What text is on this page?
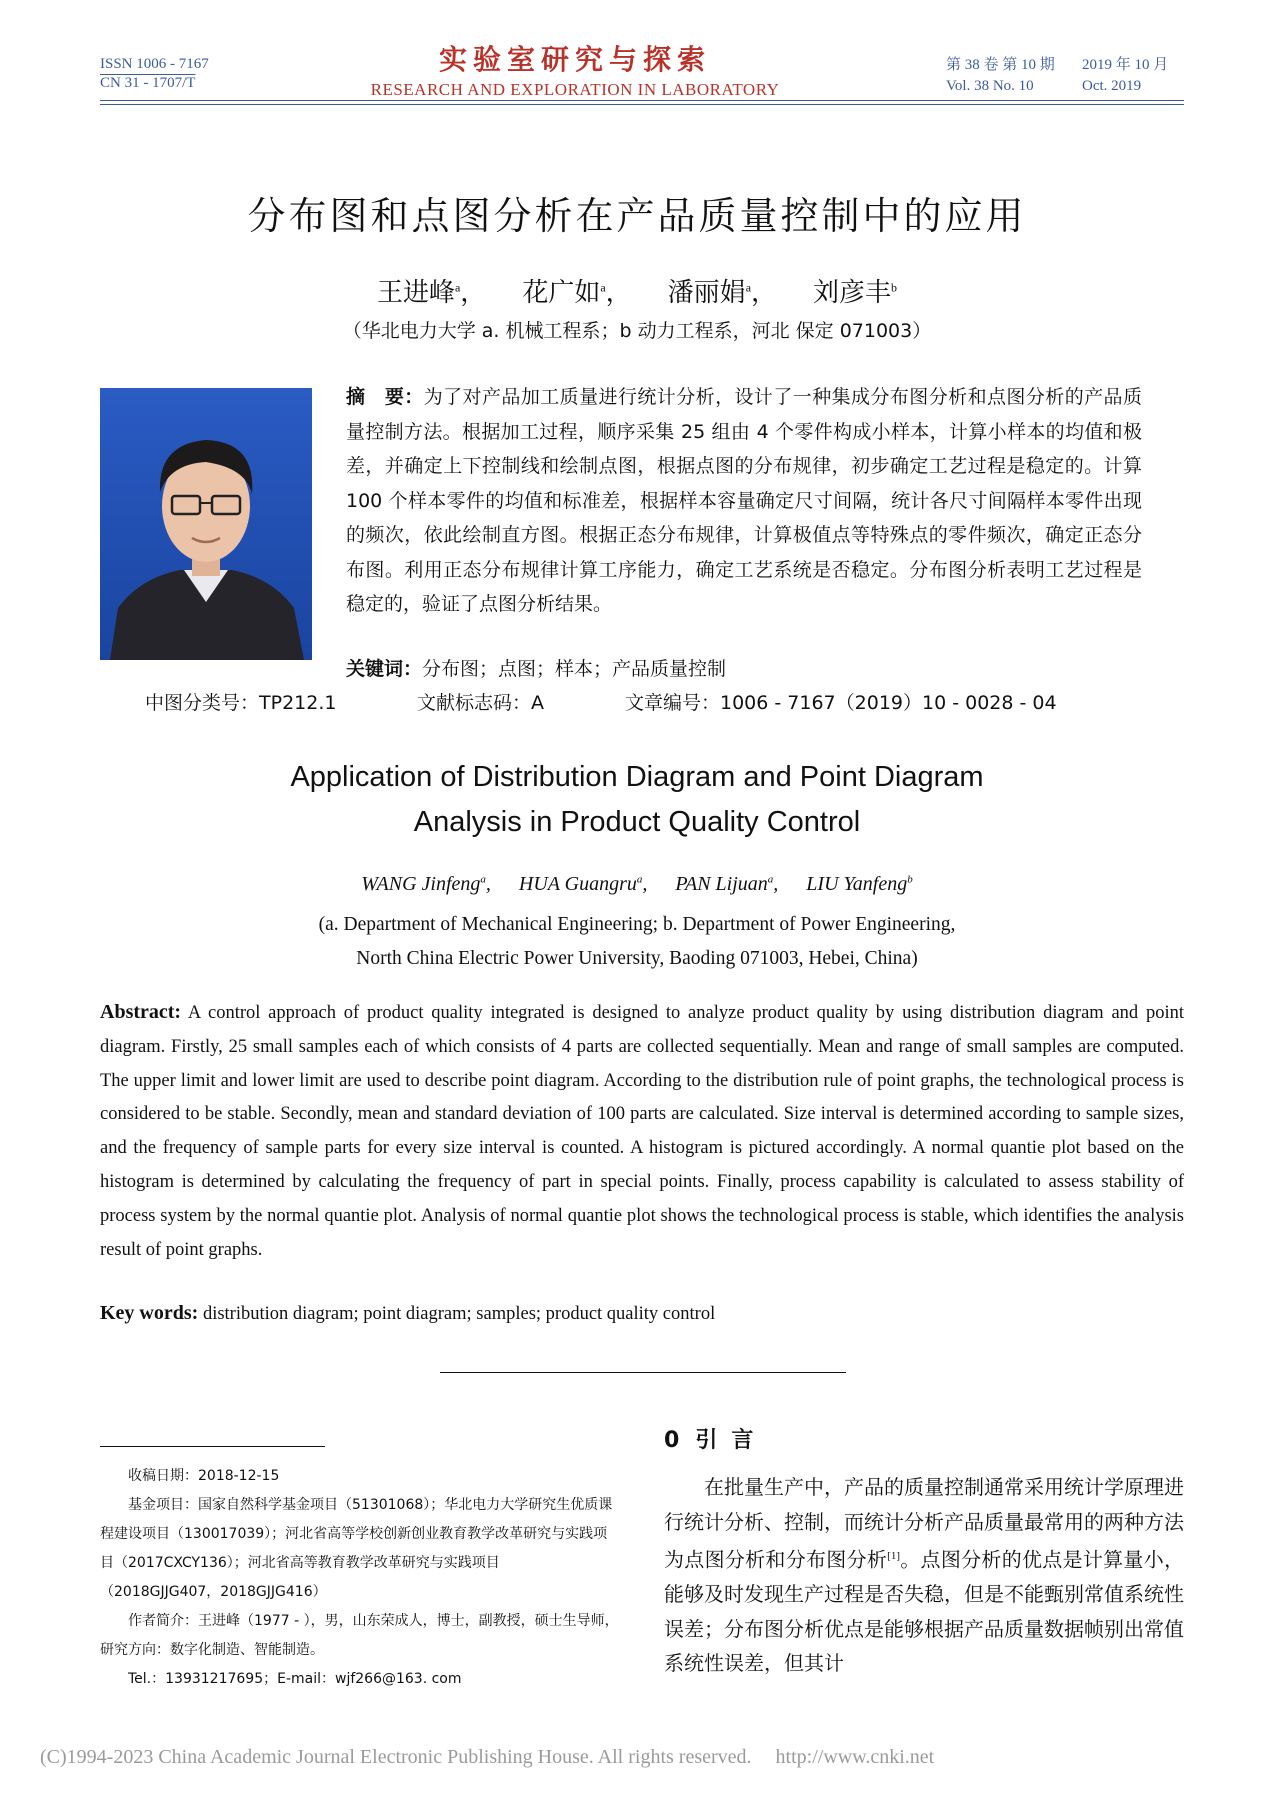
ISSN 1006 - 7167
CN 31 - 1707/T
实验室研究与探索
RESEARCH AND EXPLORATION IN LABORATORY
第 38 卷 第 10 期 2019 年 10 月
Vol. 38 No. 10	Oct. 2019
分布图和点图分析在产品质量控制中的应用
王进峰$^a$， 花广如$^a$， 潘丽娟$^a$， 刘彦丰$^b$
（华北电力大学 a. 机械工程系；b 动力工程系，河北 保定 071003）
摘　要：为了对产品加工质量进行统计分析，设计了一种集成分布图分析和点图分析的产品质量控制方法。根据加工过程，顺序采集 25 组由 4 个零件构成小样本，计算小样本的均值和极差，并确定上下控制线和绘制点图，根据点图的分布规律，初步确定工艺过程是稳定的。计算 100 个样本零件的均值和标准差，根据样本容量确定尺寸间隔，统计各尺寸间隔样本零件出现的频次，依此绘制直方图。根据正态分布规律，计算极值点等特殊点的零件频次，确定正态分布图。利用正态分布规律计算工序能力，确定工艺系统是否稳定。分布图分析表明工艺过程是稳定的，验证了点图分析结果。
关键词：分布图；点图；样本；产品质量控制
中图分类号：TP212.1	文献标志码：A	文章编号：1006 - 7167（2019）10 - 0028 - 04
Application of Distribution Diagram and Point Diagram
Analysis in Product Quality Control
WANG Jinfeng$^a$, HUA Guangru$^a$, PAN Lijuan$^a$, LIU Yanfeng$^b$
(a. Department of Mechanical Engineering; b. Department of Power Engineering,
North China Electric Power University, Baoding 071003, Hebei, China)
Abstract: A control approach of product quality integrated is designed to analyze product quality by using distribution diagram and point diagram. Firstly, 25 small samples each of which consists of 4 parts are collected sequentially. Mean and range of small samples are computed. The upper limit and lower limit are used to describe point diagram. According to the distribution rule of point graphs, the technological process is considered to be stable. Secondly, mean and standard deviation of 100 parts are calculated. Size interval is determined according to sample sizes, and the frequency of sample parts for every size interval is counted. A histogram is pictured accordingly. A normal quantie plot based on the histogram is determined by calculating the frequency of part in special points. Finally, process capability is calculated to assess stability of process system by the normal quantie plot. Analysis of normal quantie plot shows the technological process is stable, which identifies the analysis result of point graphs.
Key words: distribution diagram; point diagram; samples; product quality control

收稿日期：2018-12-15

基金项目：国家自然科学基金项目（51301068）；华北电力大学研究生优质课程建设项目（130017039）；河北省高等学校创新创业教育教学改革研究与实践项目（2017CXCY136）；河北省高等教育教学改革研究与实践项目（2018GJJG407，2018GJJG416）

作者简介：王进峰（1977 - ），男，山东荣成人，博士，副教授，硕士生导师，研究方向：数字化制造、智能制造。

Tel.：13931217695；E-mail：wjf266@163. com

0 引言

在批量生产中，产品的质量控制通常采用统计学原理进行统计分析、控制，而统计分析产品质量最常用的两种方法为点图分析和分布图分析[1]。点图分析的优点是计算量小，能够及时发现生产过程是否失稳，但是不能甄别常值系统性误差；分布图分析优点是能够根据产品质量数据帧别出常值系统性误差，但其计

(C)1994-2023 China Academic Journal Electronic Publishing House. All rights reserved. http://www.cnki.net
